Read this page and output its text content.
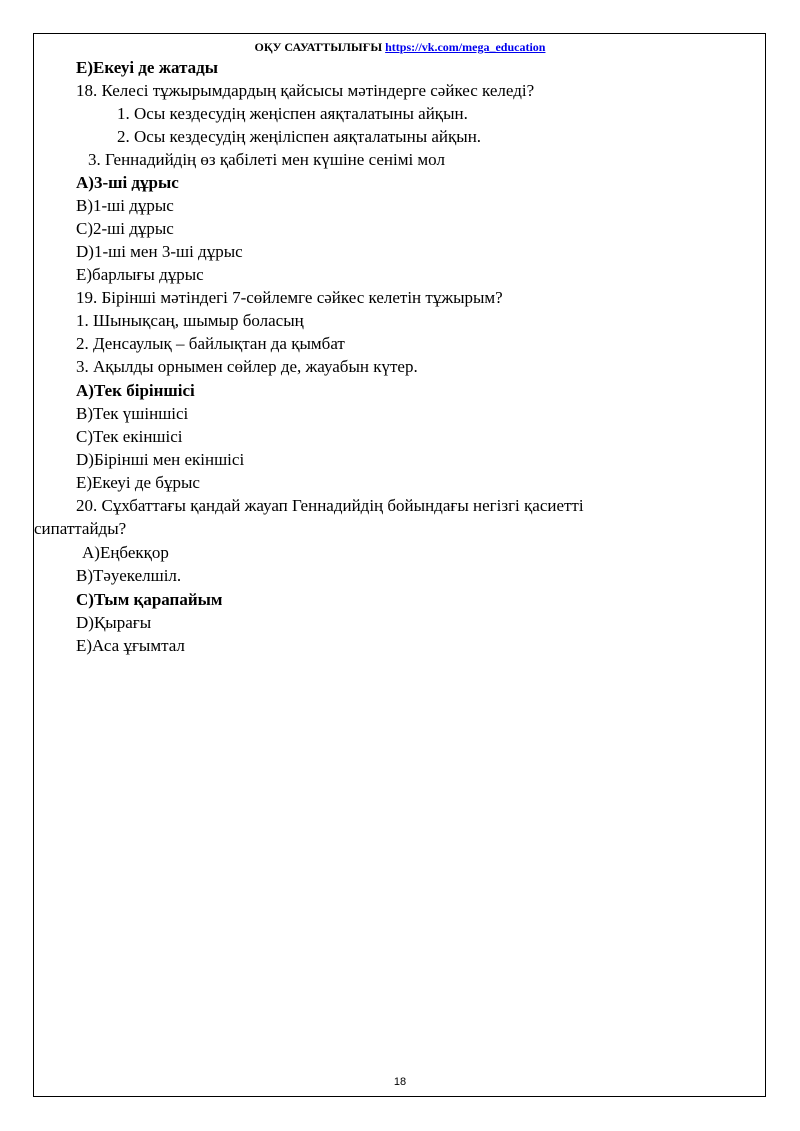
ОҚУ САУАТТЫЛЫҒЫ https://vk.com/mega_education
E)Екеуі де жатады
18. Келесі тұжырымдардың қайсысы мәтіндерге сәйкес келеді?
1. Осы кездесудің жеңіспен аяқталатыны айқын.
2. Осы кездесудің жеңіліспен аяқталатыны айқын.
3. Геннадийдің өз қабілеті мен күшіне сенімі мол
A)3-ші дұрыс
B)1-ші дұрыс
C)2-ші дұрыс
D)1-ші мен 3-ші дұрыс
E)барлығы дұрыс
19. Бірінші мәтіндегі 7-сөйлемге сәйкес келетін тұжырым?
1. Шынықсаң, шымыр боласың
2. Денсаулық – байлықтан да қымбат
3. Ақылды орнымен сөйлер де, жауабын күтер.
A)Тек біріншісі
B)Тек үшіншісі
C)Тек екіншісі
D)Бірінші мен екіншісі
E)Екеуі де бұрыс
20. Сұхбаттағы қандай жауап Геннадийдің бойындағы негізгі қасиетті
сипаттайды?
A)Еңбекқор
B)Тәуекелшіл.
C)Тым қарапайым
D)Қырағы
E)Аса ұғымтал
18
